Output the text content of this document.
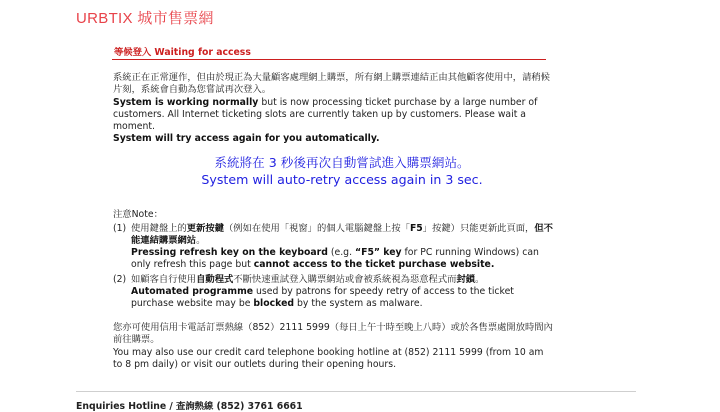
URBTIX 城市售票網
等候登入 Waiting for access
系統正在正常運作，但由於現正為大量顧客處理網上購票，所有網上購票連結正由其他顧客使用中，請稍候片刻，系統會自動為您嘗試再次登入。
System is working normally but is now processing ticket purchase by a large number of customers. All Internet ticketing slots are currently taken up by customers. Please wait a moment.
System will try access again for you automatically.
系統將在 3 秒後再次自動嘗試進入購票網站。
System will auto-retry access again in 3 sec.
注意Note：
(1) 使用鍵盤上的更新按鍵（例如在使用「視窗」的個人電腦鍵盤上按「F5」按鍵）只能更新此頁面，但不能連結購票網站。
Pressing refresh key on the keyboard (e.g. “F5” key for PC running Windows) can only refresh this page but cannot access to the ticket purchase website.
(2) 如顧客自行使用自動程式不斷快速重試登入購票網站或會被系統視為惡意程式而封鎖。
Automated programme used by patrons for speedy retry of access to the ticket purchase website may be blocked by the system as malware.
您亦可使用信用卡電話訂票熱線（852）2111 5999（每日上午十時至晚上八時）或於各售票處開放時間內前往購票。
You may also use our credit card telephone booking hotline at (852) 2111 5999 (from 10 am to 8 pm daily) or visit our outlets during their opening hours.
Enquiries Hotline / 查詢熱線 (852) 3761 6661
